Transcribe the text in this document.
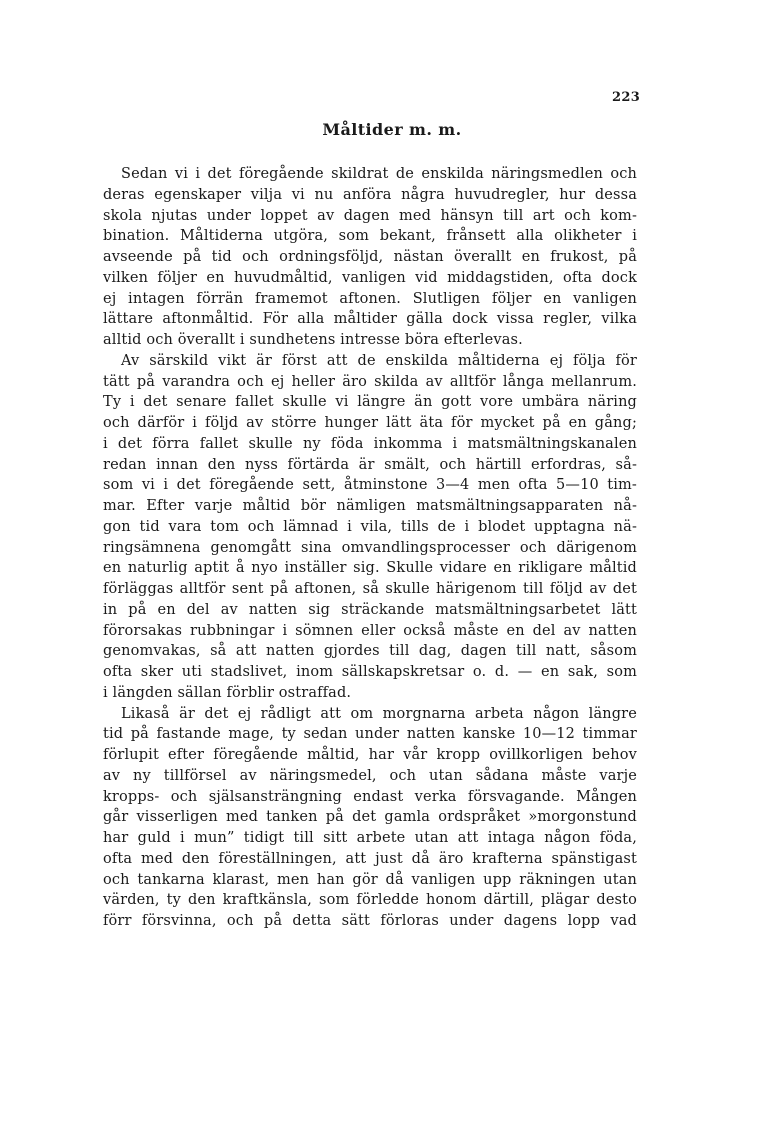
223
Måltider m. m.
Sedan vi i det föregående skildrat de enskilda näringsmedlen och
deras egenskaper vilja vi nu anföra några huvudregler, hur dessa
skola njutas under loppet av dagen med hänsyn till art och kom-
bination. Måltiderna utgöra, som bekant, frånsett alla olikheter i
avseende på tid och ordningsföljd, nästan överallt en frukost, på
vilken följer en huvudmåltid, vanligen vid middagstiden, ofta dock
ej intagen förrän framemot aftonen. Slutligen följer en vanligen
lättare aftonmåltid. För alla måltider gälla dock vissa regler, vilka
alltid och överallt i sundhetens intresse böra efterlevas.
Av särskild vikt är först att de enskilda måltiderna ej följa för
tätt på varandra och ej heller äro skilda av alltför långa mellanrum.
Ty i det senare fallet skulle vi längre än gott vore umbära näring
och därför i följd av större hunger lätt äta för mycket på en gång;
i det förra fallet skulle ny föda inkomma i matsmältningskanalen
redan innan den nyss förtärda är smält, och härtill erfordras, så-
som vi i det föregående sett, åtminstone 3—4 men ofta 5—10 tim-
mar. Efter varje måltid bör nämligen matsmältningsapparaten nå-
gon tid vara tom och lämnad i vila, tills de i blodet upptagna nä-
ringsämnena genomgått sina omvandlingsprocesser och därigenom
en naturlig aptit å nyo inställer sig. Skulle vidare en rikligare måltid
förläggas alltför sent på aftonen, så skulle härigenom till följd av det
in på en del av natten sig sträckande matsmältningsarbetet lätt
förorsakas rubbningar i sömnen eller också måste en del av natten
genomvakas, så att natten gjordes till dag, dagen till natt, såsom
ofta sker uti stadslivet, inom sällskapskretsar o. d. — en sak, som
i längden sällan förblir ostraffad.
Likaså är det ej rådligt att om morgnarna arbeta någon längre
tid på fastande mage, ty sedan under natten kanske 10—12 timmar
förlupit efter föregående måltid, har vår kropp ovillkorligen behov
av ny tillförsel av näringsmedel, och utan sådana måste varje
kropps- och själsansträngning endast verka försvagande. Mången
går visserligen med tanken på det gamla ordspråket »morgonstund
har guld i mun” tidigt till sitt arbete utan att intaga någon föda,
ofta med den föreställningen, att just då äro krafterna spänstigast
och tankarna klarast, men han gör då vanligen upp räkningen utan
värden, ty den kraftkänsla, som förledde honom därtill, plägar desto
förr försvinna, och på detta sätt förloras under dagens lopp vad
